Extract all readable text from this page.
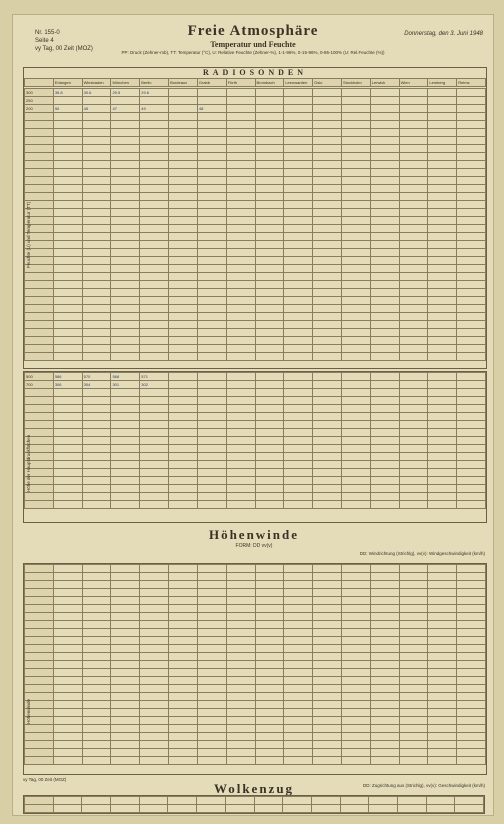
Nr. 155-0
Seite 4
vy Tag, 00 Zeit (MOZ)
Freie Atmosphäre
Temperatur und Feuchte
Donnerstag, den 3. Juni 1948
PP: Druck (Zehner-mb), TT: Temperatur (°C), U: Relative Feuchte (Zehner-%), 1-1-96%, 0-15-96%, 0-85-100% (U: Rel.Feuchte (%))
RADIOSONDEN
	Erlangen	Wiesbaden	München	Berlin	Bordeaux	Grabb	Fürth	Brombach	Leeuwarden	Oslo	Stockholm	Lerwick	Wien	Lemberg	Reims
300	35.8	30.6	29.5	29.6											
250															
200	50	45	47	49		48									

Feuchte (U) und Temperatur (TT)
500	586	570	568	571											
700	306	304	301	302											

Höhe der Hauptdruckflächen
Höhenwinde
FORM: DD vv(v)
DD: Windrichtung (Strichlg), vv(v): Windgeschwindigkeit (km/h)

Höhenwinde
vy Tag, 00 Zeit (MOZ)
Wolkenzug	DD: Zugrichtung aus (Strichlg), vv(v): Geschwindigkeit (km/h)
